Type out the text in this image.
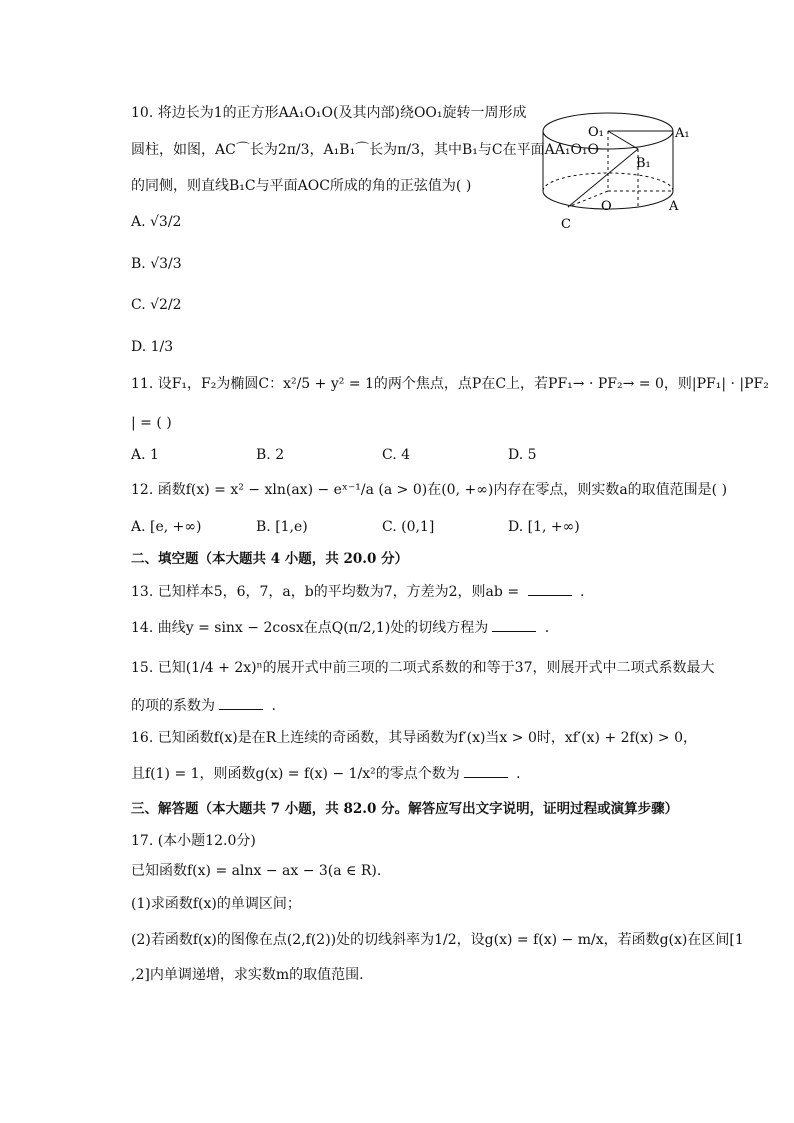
10. 将边长为1的正方形AA₁O₁O(及其内部)绕OO₁旋转一周形成
圆柱，如图，AC⌒长为2π/3，A₁B₁⌒长为π/3，其中B₁与C在平面AA₁O₁O
的同侧，则直线B₁C与平面AOC所成的角的正弦值为( )
A. √3/2
B. √3/3
C. √2/2
D. 1/3
O₁	A₁
B₁
O	A
C
11. 设F₁，F₂为椭圆C：x²/5 + y² = 1的两个焦点，点P在C上，若PF₁→ · PF₂→ = 0，则|PF₁| · |PF₂
| = ( )
A. 1	B. 2	C. 4	D. 5
12. 函数f(x) = x² − xln(ax) − eˣ⁻¹/a (a > 0)在(0, +∞)内存在零点，则实数a的取值范围是( )
A. [e, +∞)	B. [1,e)	C. (0,1]	D. [1, +∞)
二、填空题（本大题共 4 小题，共 20.0 分）
13. 已知样本5，6，7，a，b的平均数为7，方差为2，则ab =	.
14. 曲线y = sinx − 2cosx在点Q(π/2,1)处的切线方程为	.
15. 已知(1/4 + 2x)ⁿ的展开式中前三项的二项式系数的和等于37，则展开式中二项式系数最大
的项的系数为	.
16. 已知函数f(x)是在R上连续的奇函数，其导函数为f′(x)当x > 0时，xf′(x) + 2f(x) > 0，
且f(1) = 1，则函数g(x) = f(x) − 1/x²的零点个数为	.
三、解答题（本大题共 7 小题，共 82.0 分。解答应写出文字说明，证明过程或演算步骤）
17. (本小题12.0分)
已知函数f(x) = alnx − ax − 3(a ∈ R).
(1)求函数f(x)的单调区间；
(2)若函数f(x)的图像在点(2,f(2))处的切线斜率为1/2，设g(x) = f(x) − m/x，若函数g(x)在区间[1
,2]内单调递增，求实数m的取值范围.
